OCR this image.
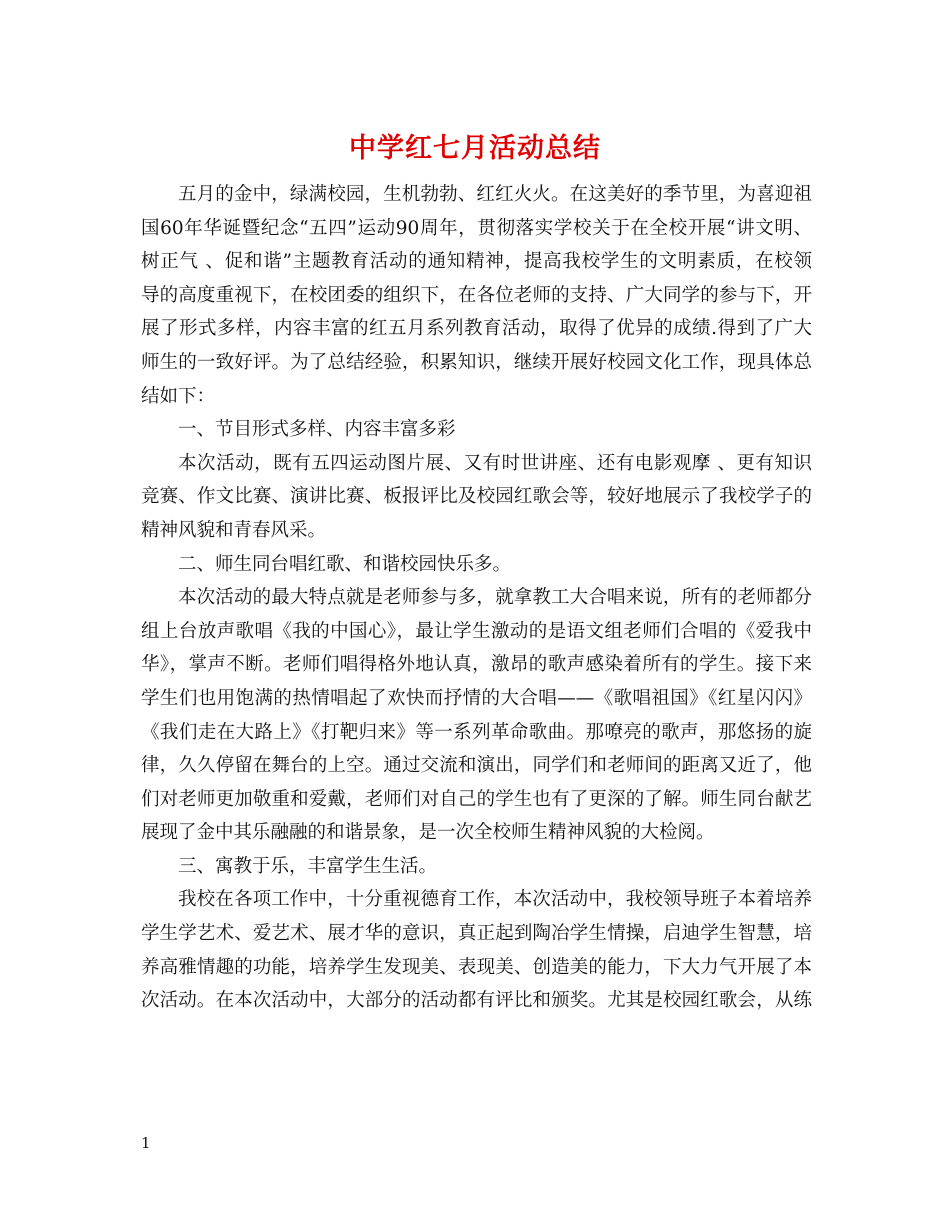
中学红七月活动总结
五月的金中，绿满校园，生机勃勃、红红火火。在这美好的季节里，为喜迎祖
国60年华诞暨纪念“五四”运动90周年，贯彻落实学校关于在全校开展“讲文明、
树正气 、促和谐”主题教育活动的通知精神，提高我校学生的文明素质，在校领
导的高度重视下，在校团委的组织下，在各位老师的支持、广大同学的参与下，开
展了形式多样，内容丰富的红五月系列教育活动，取得了优异的成绩.得到了广大
师生的一致好评。为了总结经验，积累知识，继续开展好校园文化工作，现具体总
结如下：
一、节目形式多样、内容丰富多彩
本次活动，既有五四运动图片展、又有时世讲座、还有电影观摩 、更有知识
竞赛、作文比赛、演讲比赛、板报评比及校园红歌会等，较好地展示了我校学子的
精神风貌和青春风采。
二、师生同台唱红歌、和谐校园快乐多。
本次活动的最大特点就是老师参与多，就拿教工大合唱来说，所有的老师都分
组上台放声歌唱《我的中国心》，最让学生激动的是语文组老师们合唱的《爱我中
华》，掌声不断。老师们唱得格外地认真，激昂的歌声感染着所有的学生。接下来
学生们也用饱满的热情唱起了欢快而抒情的大合唱——《歌唱祖国》《红星闪闪》
《我们走在大路上》《打靶归来》等一系列革命歌曲。那嘹亮的歌声，那悠扬的旋
律，久久停留在舞台的上空。通过交流和演出，同学们和老师间的距离又近了，他
们对老师更加敬重和爱戴，老师们对自己的学生也有了更深的了解。师生同台献艺
展现了金中其乐融融的和谐景象，是一次全校师生精神风貌的大检阅。
三、寓教于乐，丰富学生生活。
我校在各项工作中，十分重视德育工作，本次活动中，我校领导班子本着培养
学生学艺术、爱艺术、展才华的意识，真正起到陶冶学生情操，启迪学生智慧，培
养高雅情趣的功能，培养学生发现美、表现美、创造美的能力，下大力气开展了本
次活动。在本次活动中，大部分的活动都有评比和颁奖。尤其是校园红歌会，从练
1
